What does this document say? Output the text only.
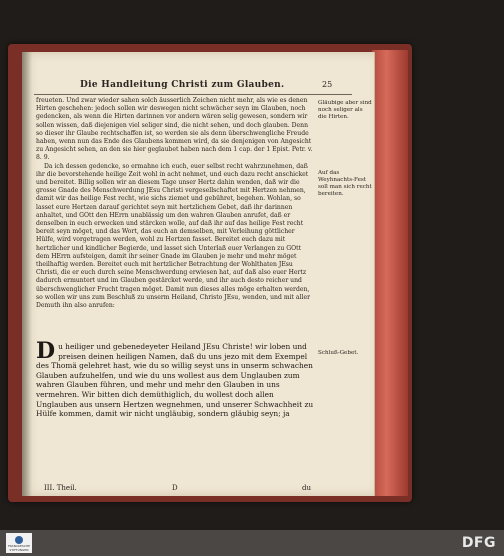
Die Handleitung Christi zum Glauben.	25

freueten. Und zwar wieder sahen solch äusserlich Zeichen nicht mehr, als wie es denen Hirten geschehen: jedoch sollen wir deswegen nicht schwächer seyn im Glauben, noch gedencken, als wenn die Hirten darinnen vor andern wären selig gewesen, sondern wir sollen wissen, daß diejenigen viel seliger sind, die nicht sehen, und doch glauben. Denn so dieser ihr Glaube rechtschaffen ist, so werden sie als denn überschwengliche Freude haben, wenn nun das Ende des Glaubens kommen wird, da sie denjenigen von Angesicht zu Angesicht sehen, an den sie hier geglaubet haben nach dem 1 cap. der 1 Epist. Petr. v. 8. 9.

Da ich dessen gedencke, so ermahne ich euch, euer selbst recht wahrzunehmen, daß ihr die bevorstehende heilige Zeit wohl in acht nehmet, und euch dazu recht anschicket und bereitet. Billig sollen wir an diesem Tage unser Hertz dahin wenden, daß wir die grosse Gnade des Menschwerdung JEsu Christi vergesellschaftet mit Hertzen nehmen, damit wir das heilige Fest recht, wie sichs ziemet und gebühret, begehen. Wohlan, so lasset eure Hertzen darauf gerichtet seyn mit hertzlichem Gebet, daß ihr darinnen anhaltet, und GOtt den HErrn unablässig um den wahren Glauben anrufet, daß er denselben in euch erwecken und stärcken wolle, auf daß ihr auf das heilige Fest recht bereit seyn möget, und das Wort, das euch an demselben, mit Verleihung göttlicher Hülfe, wird vorgetragen werden, wohl zu Hertzen fasset. Bereitet euch dazu mit hertzlicher und kindlicher Begierde, und lasset sich Unterlaß euer Verlangen zu GOtt dem HErrn aufsteigen, damit ihr seiner Gnade im Glauben je mehr und mehr möget theilhaftig werden. Bereitet euch mit hertzlicher Betrachtung der Wohlthaten JEsu Christi, die er euch durch seine Menschwerdung erwiesen hat, auf daß also euer Hertz dadurch ermuntert und im Glauben gestärcket werde, und ihr auch desto reicher und überschwenglicher Frucht tragen möget. Damit nun dieses alles möge erhalten werden, so wollen wir uns zum Beschluß zu unserm Heiland, Christo JEsu, wenden, und mit aller Demuth ihn also anrufen:

D u heiliger und gebenedeyeter Heiland JEsu Christe! wir loben und preisen deinen heiligen Namen, daß du uns jezo mit dem Exempel des Thomä gelehret hast, wie du so willig seyst uns in unserm schwachen Glauben aufzuhelfen, und wie du uns wollest aus dem Unglauben zum wahren Glauben führen, und mehr und mehr den Glauben in uns vermehren. Wir bitten dich demüthiglich, du wollest doch allen Unglauben aus unsern Hertzen wegnehmen, und unserer Schwachheit zu Hülfe kommen, damit wir nicht ungläubig, sondern gläubig seyn; ja
Gläubige aber sind noch seliger als die Hirten.
Auf das Weyhnachts-Fest soll man sich recht bereiten.
Schluß-Gebet.
III. Theil.	D	du
FRANCKESCHE STIFTUNGEN	DFG
